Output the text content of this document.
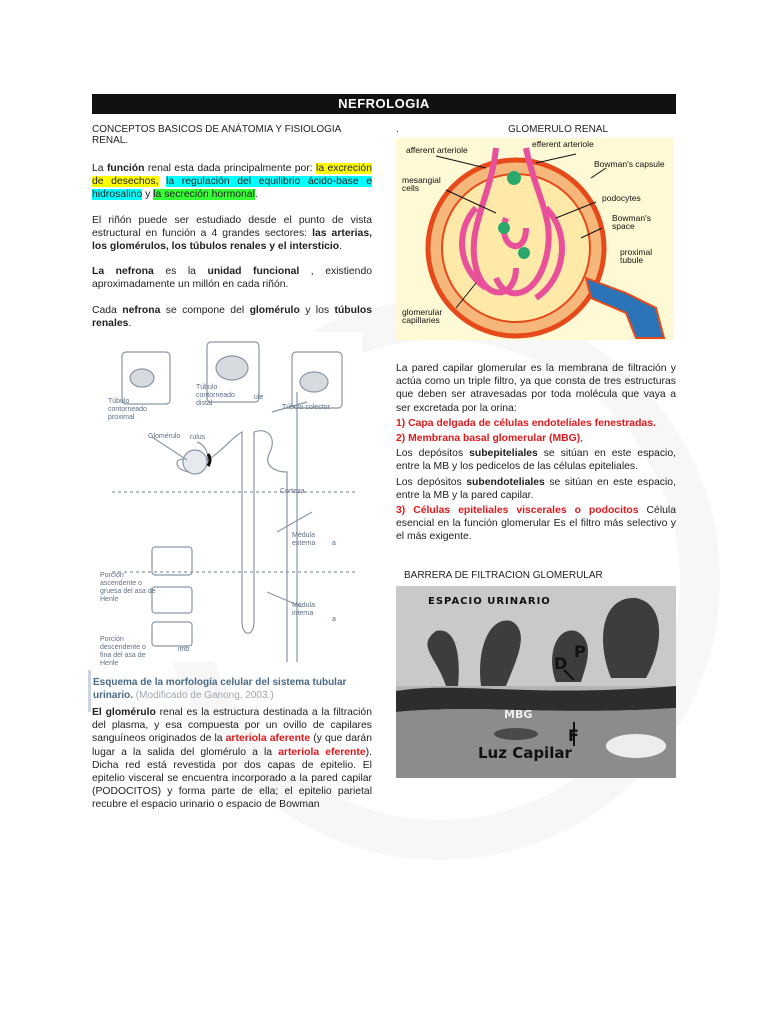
NEFROLOGIA
CONCEPTOS BASICOS DE ANÁTOMIA Y FISIOLOGIA RENAL.

La función renal esta dada principalmente por: la excreción de desechos, la regulación del equilibrio ácido-base e hidrosalino y la secreción hormonal.

El riñón puede ser estudiado desde el punto de vista estructural en función a 4 grandes sectores: las arterias, los glomérulos, los túbulos renales y el intersticio.

La nefrona es la unidad funcional , existiendo aproximadamente un millón en cada riñón.

Cada nefrona se compone del glomérulo y los túbulos renales.

Túbulo contorneado proximal
Túbulo contorneado distal
ule
Túbulo colector
Glomérulo rulus
Corteza
Médula externa	a
Médula interna
a
Porción ascendente o gruesa del asa de Henle
Porción descendente o fina del asa de Henle
imb
Esquema de la morfología celular del sistema tubular urinario. (Modificado de Ganong, 2003.)

El glomérulo renal es la estructura destinada a la filtración del plasma, y esa compuesta por un ovillo de capilares sanguíneos originados de la arteriola aferente (y que darán lugar a la salida del glomérulo a la arteriola eferente). Dicha red está revestida por dos capas de epitelio. El epitelio visceral se encuentra incorporado a la pared capilar (PODOCITOS) y forma parte de ella; el epitelio parietal recubre el espacio urinario o espacio de Bowman

.	GLOMERULO RENAL
afferent arteriole
efferent arteriole
Bowman's capsule
mesangial cells
podocytes
Bowman's space
proximal tubule
glomerular capillaries

La pared capilar glomerular es la membrana de filtración y actúa como un triple filtro, ya que consta de tres estructuras que deben ser atravesadas por toda molécula que vaya a ser excretada por la orina:

1) Capa delgada de células endoteliales fenestradas.
2) Membrana basal glomerular (MBG),

Los depósitos subepiteliales se sitúan en este espacio, entre la MB y los pedicelos de las células epiteliales.

Los depósitos subendoteliales se sitúan en este espacio, entre la MB y la pared capilar.

3) Células epiteliales viscerales o podocitos Célula esencial en la función glomerular Es el filtro más selectivo y el más exigente.

BARRERA DE FILTRACION GLOMERULAR
ESPACIO URINARIO
D
P
MBG
F
Luz Capilar
